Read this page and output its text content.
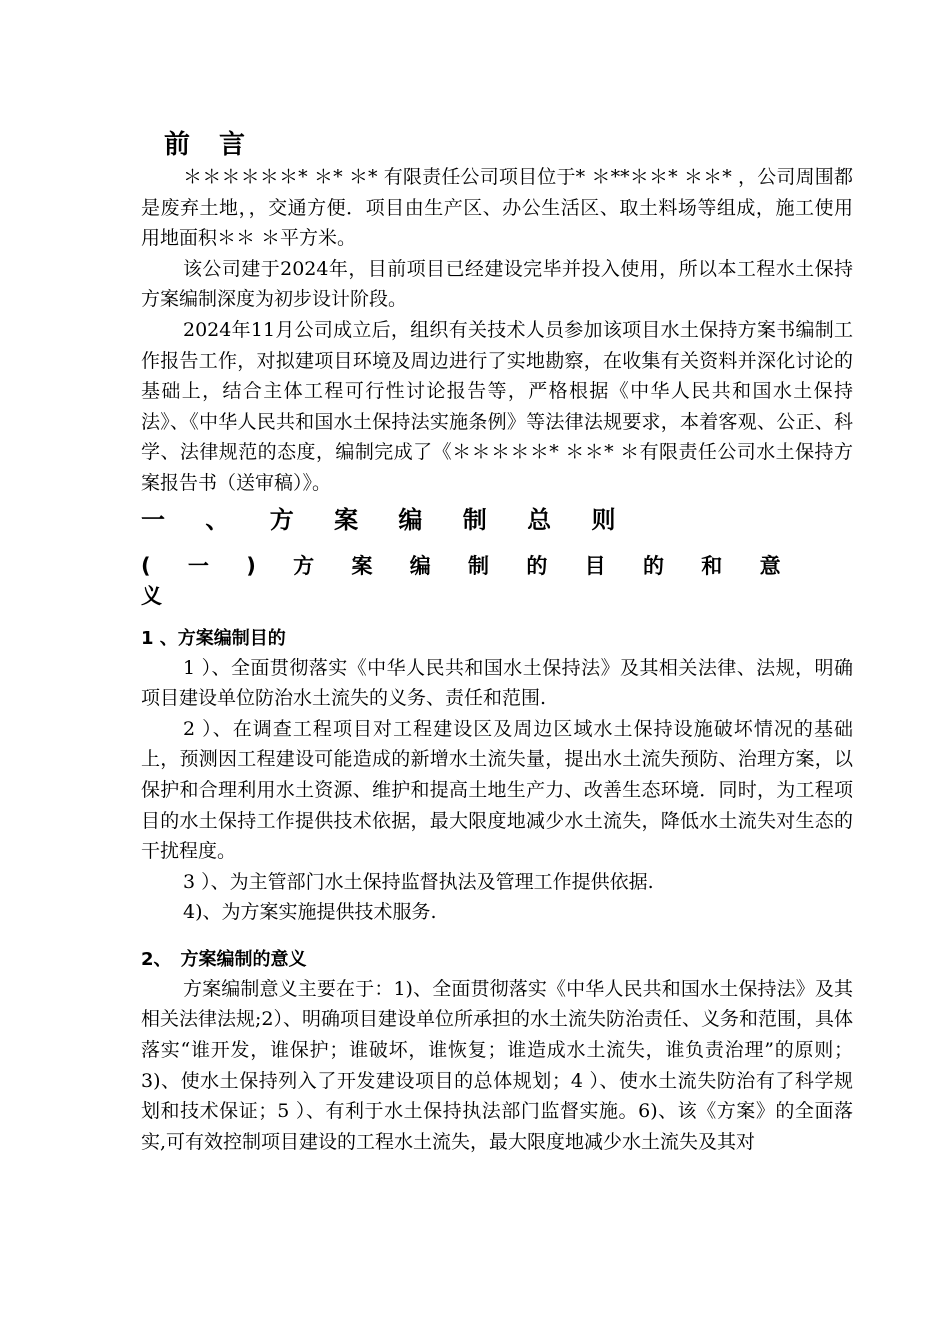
前 言

＊＊＊＊＊＊* ＊* ＊* 有限责任公司项目位于* ＊**＊＊* ＊＊* ，公司周围都是废弃土地，，交通方便．项目由生产区、办公生活区、取土料场等组成，施工使用用地面积＊＊ ＊平方米。

该公司建于2024年，目前项目已经建设完毕并投入使用，所以本工程水土保持方案编制深度为初步设计阶段。

2024年11月公司成立后，组织有关技术人员参加该项目水土保持方案书编制工作报告工作，对拟建项目环境及周边进行了实地勘察，在收集有关资料并深化讨论的基础上，结合主体工程可行性讨论报告等，严格根据《中华人民共和国水土保持法》、《中华人民共和国水土保持法实施条例》等法律法规要求，本着客观、公正、科学、法律规范的态度，编制完成了《＊＊＊＊＊* ＊＊* ＊有限责任公司水土保持方案报告书（送审稿）》。

一 、 方 案 编 制 总 则
( 一 ) 方 案 编 制 的 目 的 和 意 义
1 、方案编制目的

1 ）、全面贯彻落实《中华人民共和国水土保持法》及其相关法律、法规，明确项目建设单位防治水土流失的义务、责任和范围.

2 ）、在调查工程项目对工程建设区及周边区域水土保持设施破坏情况的基础上，预测因工程建设可能造成的新增水土流失量，提出水土流失预防、治理方案，以保护和合理利用水土资源、维护和提高土地生产力、改善生态环境．同时，为工程项目的水土保持工作提供技术依据，最大限度地减少水土流失，降低水土流失对生态的干扰程度。

3 ）、为主管部门水土保持监督执法及管理工作提供依据.

4)、为方案实施提供技术服务.

2、　方案编制的意义

方案编制意义主要在于：1)、全面贯彻落实《中华人民共和国水土保持法》及其相关法律法规;2）、明确项目建设单位所承担的水土流失防治责任、义务和范围，具体落实“谁开发，谁保护；谁破坏，谁恢复；谁造成水土流失，谁负责治理”的原则；3)、使水土保持列入了开发建设项目的总体规划；4 ）、使水土流失防治有了科学规划和技术保证；5 ）、有利于水土保持执法部门监督实施。6)、该《方案》的全面落实,可有效控制项目建设的工程水土流失，最大限度地减少水土流失及其对
